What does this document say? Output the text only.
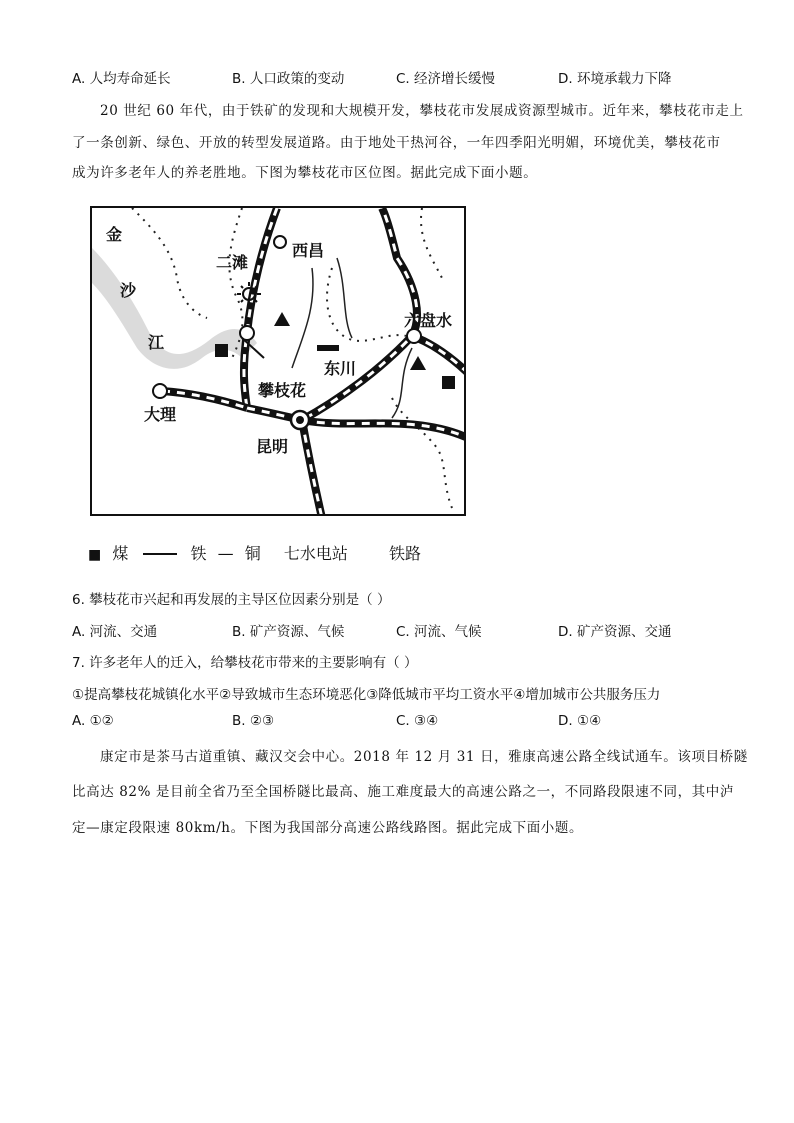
A. 人均寿命延长	B. 人口政策的变动	C. 经济增长缓慢	D. 环境承载力下降
20 世纪 60 年代，由于铁矿的发现和大规模开发，攀枝花市发展成资源型城市。近年来，攀枝花市走上
了一条创新、绿色、开放的转型发展道路。由于地处干热河谷，一年四季阳光明媚，环境优美，攀枝花市
成为许多老年人的养老胜地。下图为攀枝花市区位图。据此完成下面小题。
金
沙
江
二滩
西昌
六盘水
东川
攀枝花
大理
昆明
■ 煤	铁 — 铜 七水电站	铁路
6. 攀枝花市兴起和再发展的主导区位因素分别是（ ）
A. 河流、交通	B. 矿产资源、气候	C. 河流、气候	D. 矿产资源、交通
7. 许多老年人的迁入，给攀枝花市带来的主要影响有（ ）
①提高攀枝花城镇化水平②导致城市生态环境恶化③降低城市平均工资水平④增加城市公共服务压力
A. ①②	B. ②③	C. ③④	D. ①④
康定市是茶马古道重镇、藏汉交会中心。2018 年 12 月 31 日，雅康高速公路全线试通车。该项目桥隧
比高达 82% 是目前全省乃至全国桥隧比最高、施工难度最大的高速公路之一，不同路段限速不同，其中泸
定—康定段限速 80km/h。下图为我国部分高速公路线路图。据此完成下面小题。
